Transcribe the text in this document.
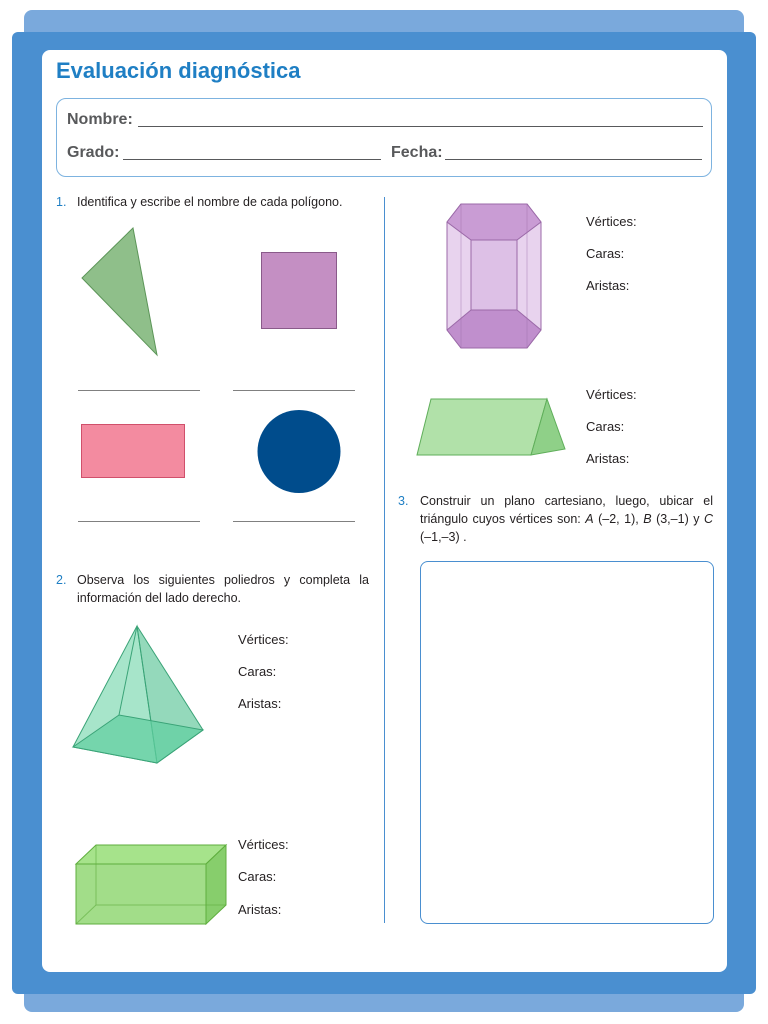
Evaluación diagnóstica
Nombre:
Grado:	Fecha:
1. Identifica y escribe el nombre de cada polígono.
2. Observa los siguientes poliedros y completa la información del lado derecho.
Vértices:
Caras:
Aristas:
Vértices:
Caras:
Aristas:
Vértices:
Caras:
Aristas:
Vértices:
Caras:
Aristas:
3. Construir un plano cartesiano, luego, ubicar el triángulo cuyos vértices son: A (–2, 1), B (3,–1) y C (–1,–3) .
